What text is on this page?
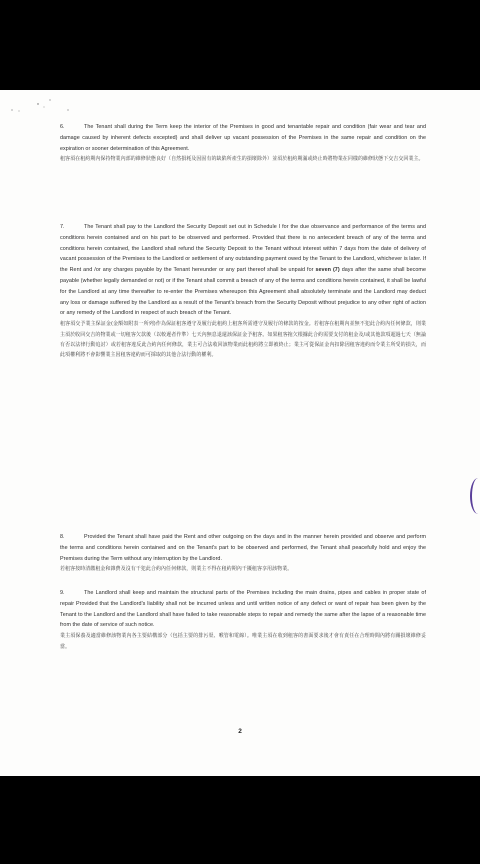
6.	The Tenant shall during the Term keep the interior of the Premises in good and tenantable repair and condition (fair wear and tear and damage caused by inherent defects excepted) and shall deliver up vacant possession of the Premises in the same repair and condition on the expiration or sooner determination of this Agreement.

租客須在租約期內保持物業內部的維修狀態良好（自然損耗及因固有的缺陷所產生的損壞除外）並須於租約期滿或終止時將物業在同樣的維修狀態下交吉交回業主。

7.	The Tenant shall pay to the Landlord the Security Deposit set out in Schedule I for the due observance and performance of the terms and conditions herein contained and on his part to be observed and performed. Provided that there is no antecedent breach of any of the terms and conditions herein contained, the Landlord shall refund the Security Deposit to the Tenant without interest within 7 days from the date of delivery of vacant possession of the Premises to the Landlord or settlement of any outstanding payment owed by the Tenant to the Landlord, whichever is later. If the Rent and /or any charges payable by the Tenant hereunder or any part thereof shall be unpaid for seven (7) days after the same shall become payable (whether legally demanded or not) or if the Tenant shall commit a breach of any of the terms and conditions herein contained, it shall be lawful for the Landlord at any time thereafter to re-enter the Premises whereupon this Agreement shall absolutely terminate and the Landlord may deduct any loss or damage suffered by the Landlord as a result of the Tenant's breach from the Security Deposit without prejudice to any other right of action or any remedy of the Landlord in respect of such breach of the Tenant.

租客須交予業主保証金(金額如附表一所列)作為保証租客遵守及履行此租約上租客所需遵守及履行的條款的按金。若租客在租期內並無不犯此合約內任何條款，則業主須於收回交吉的物業或一切租客欠款後（以較遲者作準）七天內無息退還該保証金予租客。如果租客拖欠根據此合約需要支付的租金及/或其他款項超過七天（無論有否以法律行動追討）或若租客違反此合約內任何條款，業主可合法收回該物業而此租約將立即被終止；業主可從保証金內扣除因租客違約而令業主所受的損失，而此項權利將不會影響業主因租客違約而可採取的其他合法行動的權利。

8.	Provided the Tenant shall have paid the Rent and other outgoing on the days and in the manner herein provided and observe and perform the terms and conditions herein contained and on the Tenant's part to be observed and performed, the Tenant shall peacefully hold and enjoy the Premises during the Term without any interruption by the Landlord.

若租客按時清繳租金和雜費及沒有干犯此合約內任何條款，則業主不得在租約期內干擾租客享用該物業。

9.	The Landlord shall keep and maintain the structural parts of the Premises including the main drains, pipes and cables in proper state of repair Provided that the Landlord's liability shall not be incurred unless and until written notice of any defect or want of repair has been given by the Tenant to the Landlord and the Landlord shall have failed to take reasonable steps to repair and remedy the same after the lapse of a reasonable time from the date of service of such notice.

業主須保養及適當維修該物業內各主要結構部分（包括主要的排污渠、喉管和電線）。唯業主須在收到租客的書面要求後才會有責任在合理時間內將有關損壞維修妥當。

2
